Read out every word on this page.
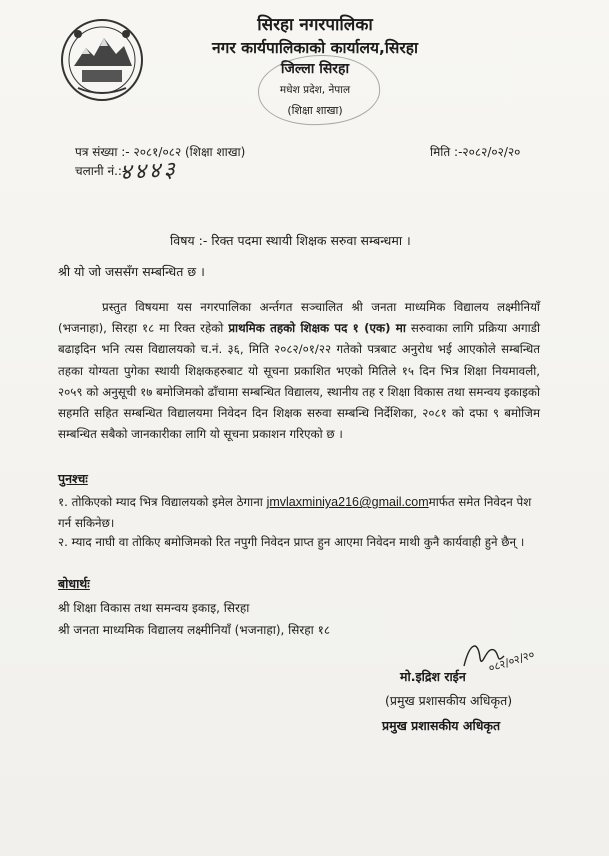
सिरहा नगरपालिका
नगर कार्यपालिकाको कार्यालय,सिरहा
जिल्ला सिरहा
मधेश प्रदेश, नेपाल
(शिक्षा शाखा)
पत्र संख्या :- २०८१/०८२ (शिक्षा शाखा)
चलानी नं.:-
४४४३
मिति :-२०८२/०२/२०
विषय :- रिक्त पदमा स्थायी शिक्षक सरुवा सम्बन्धमा ।
श्री यो जो जससँग सम्बन्धित छ ।

प्रस्तुत विषयमा यस नगरपालिका अर्न्तगत सञ्चालित श्री जनता माध्यमिक विद्यालय लक्ष्मीनियाँ (भजनाहा), सिरहा १८ मा रिक्त रहेको प्राथमिक तहको शिक्षक पद १ (एक) मा सरुवाका लागि प्रक्रिया अगाडी बढाइदिन भनि त्यस विद्यालयको च.नं. ३६, मिति २०८२/०१/२२ गतेको पत्रबाट अनुरोध भई आएकोले सम्बन्धित तहका योग्यता पुगेका स्थायी शिक्षकहरुबाट यो सूचना प्रकाशित भएको मितिले १५ दिन भित्र शिक्षा नियमावली, २०५९ को अनुसूची १७ बमोजिमको ढाँचामा सम्बन्धित विद्यालय, स्थानीय तह र शिक्षा विकास तथा समन्वय इकाइको सहमति सहित सम्बन्धित विद्यालयमा निवेदन दिन शिक्षक सरुवा सम्बन्धि निर्देशिका, २०८१ को दफा ९ बमोजिम सम्बन्धित सबैको जानकारीका लागि यो सूचना प्रकाशन गरिएको छ ।

पुनश्चः
१. तोकिएको म्याद भित्र विद्यालयको इमेल ठेगाना jmvlaxminiya216@gmail.comमार्फत समेत निवेदन पेश गर्न सकिनेछ।
२. म्याद नाघी वा तोकिए बमोजिमको रित नपुगी निवेदन प्राप्त हुन आएमा निवेदन माथी कुनै कार्यवाही हुने छैन् ।
बोधार्थः
श्री शिक्षा विकास तथा समन्वय इकाइ, सिरहा
श्री जनता माध्यमिक विद्यालय लक्ष्मीनियाँ (भजनाहा), सिरहा १८
०८२/०२/२०
मो.इद्रिश राईन
(प्रमुख प्रशासकीय अधिकृत)
प्रमुख प्रशासकीय अधिकृत
